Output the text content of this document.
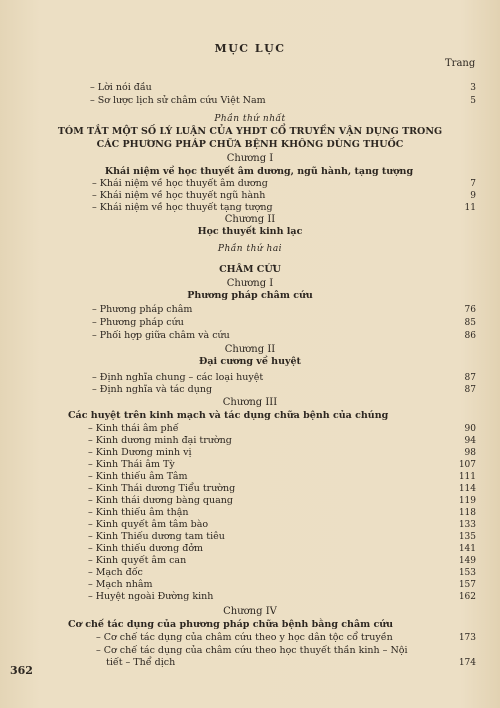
MỤC LỤC
Trang
– Lời nói đầu	3
– Sơ lược lịch sử châm cứu Việt Nam	5
Phần thứ nhất
TÓM TẮT MỘT SỐ LÝ LUẬN CỦA YHDT CỔ TRUYỀN VẬN DỤNG TRONG
CÁC PHƯƠNG PHÁP CHỮA BỆNH KHÔNG DÙNG THUỐC
Chương I
Khái niệm về học thuyết âm dương, ngũ hành, tạng tượng
– Khái niệm về học thuyết âm dương	7
– Khái niệm về học thuyết ngũ hành	9
– Khái niệm về học thuyết tạng tượng	11
Chương II
Học thuyết kinh lạc
Phần thứ hai
CHÂM CỨU
Chương I
Phương pháp châm cứu
– Phương pháp châm	76
– Phương pháp cứu	85
– Phối hợp giữa châm và cứu	86
Chương II
Đại cương về huyệt
– Định nghĩa chung – các loại huyệt	87
– Định nghĩa và tác dụng	87
Chương III
Các huyệt trên kinh mạch và tác dụng chữa bệnh của chúng
– Kinh thái âm phế	90
– Kinh dương minh đại trường	94
– Kinh Dương minh vị	98
– Kinh Thái âm Tỳ	107
– Kinh thiếu âm Tâm	111
– Kinh Thái dương Tiểu trường	114
– Kinh thái dương bàng quang	119
– Kinh thiếu âm thận	118
– Kinh quyết âm tâm bào	133
– Kinh Thiếu dương tam tiêu	135
– Kinh thiếu dương đởm	141
– Kinh quyết âm can	149
– Mạch đốc	153
– Mạch nhâm	157
– Huyệt ngoài Đường kinh	162
Chương IV
Cơ chế tác dụng của phương pháp chữa bệnh bằng châm cứu
– Cơ chế tác dụng của châm cứu theo y học dân tộc cổ truyền	173
– Cơ chế tác dụng của châm cứu theo học thuyết thần kinh – Nội
tiết – Thể dịch	174
362
